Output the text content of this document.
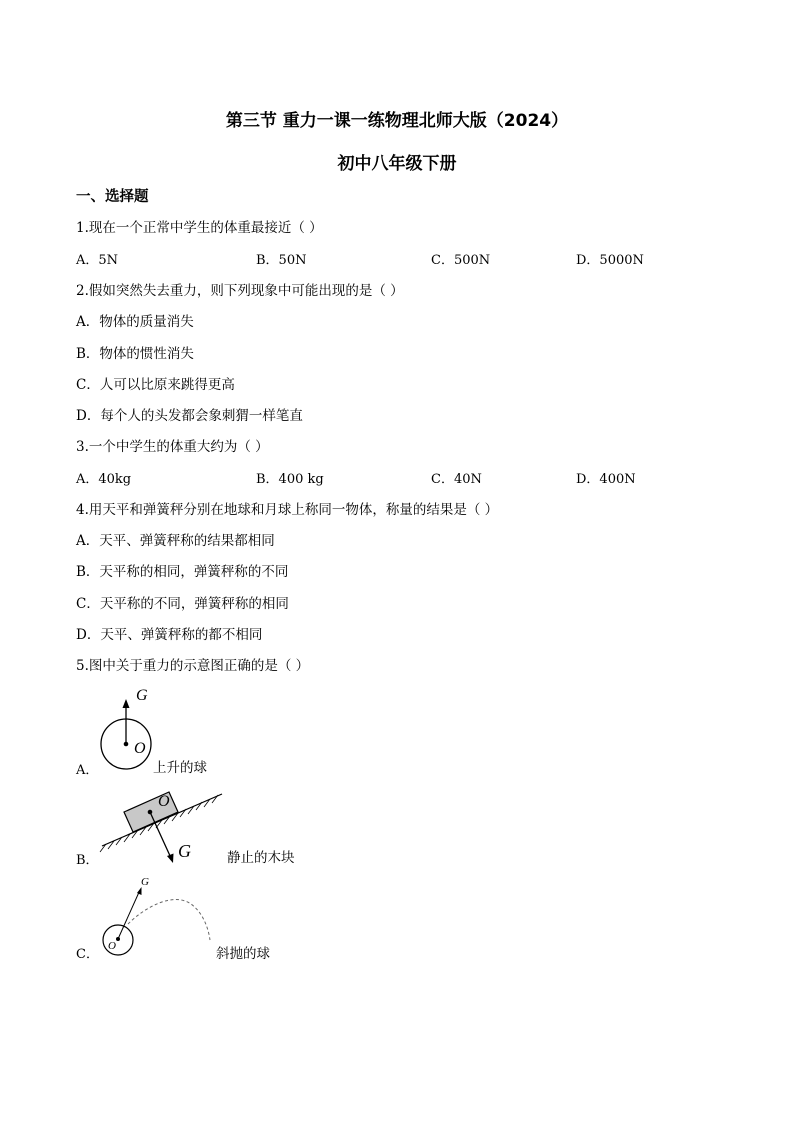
第三节 重力一课一练物理北师大版（2024）
初中八年级下册
一、选择题
1.现在一个正常中学生的体重最接近（ ）
A．5N	B．50N	C．500N	D．5000N
2.假如突然失去重力，则下列现象中可能出现的是（ ）
A．物体的质量消失
B．物体的惯性消失
C．人可以比原来跳得更高
D．每个人的头发都会象刺猬一样笔直
3.一个中学生的体重大约为（ ）
A．40kg	B．400 kg	C．40N	D．400N
4.用天平和弹簧秤分别在地球和月球上称同一物体，称量的结果是（ ）
A．天平、弹簧秤称的结果都相同
B．天平称的相同，弹簧秤称的不同
C．天平称的不同，弹簧秤称的相同
D．天平、弹簧秤称的都不相同
5.图中关于重力的示意图正确的是（ ）
A．
G
O
上升的球
B．
O
G	静止的木块
C．
G
O	斜抛的球
